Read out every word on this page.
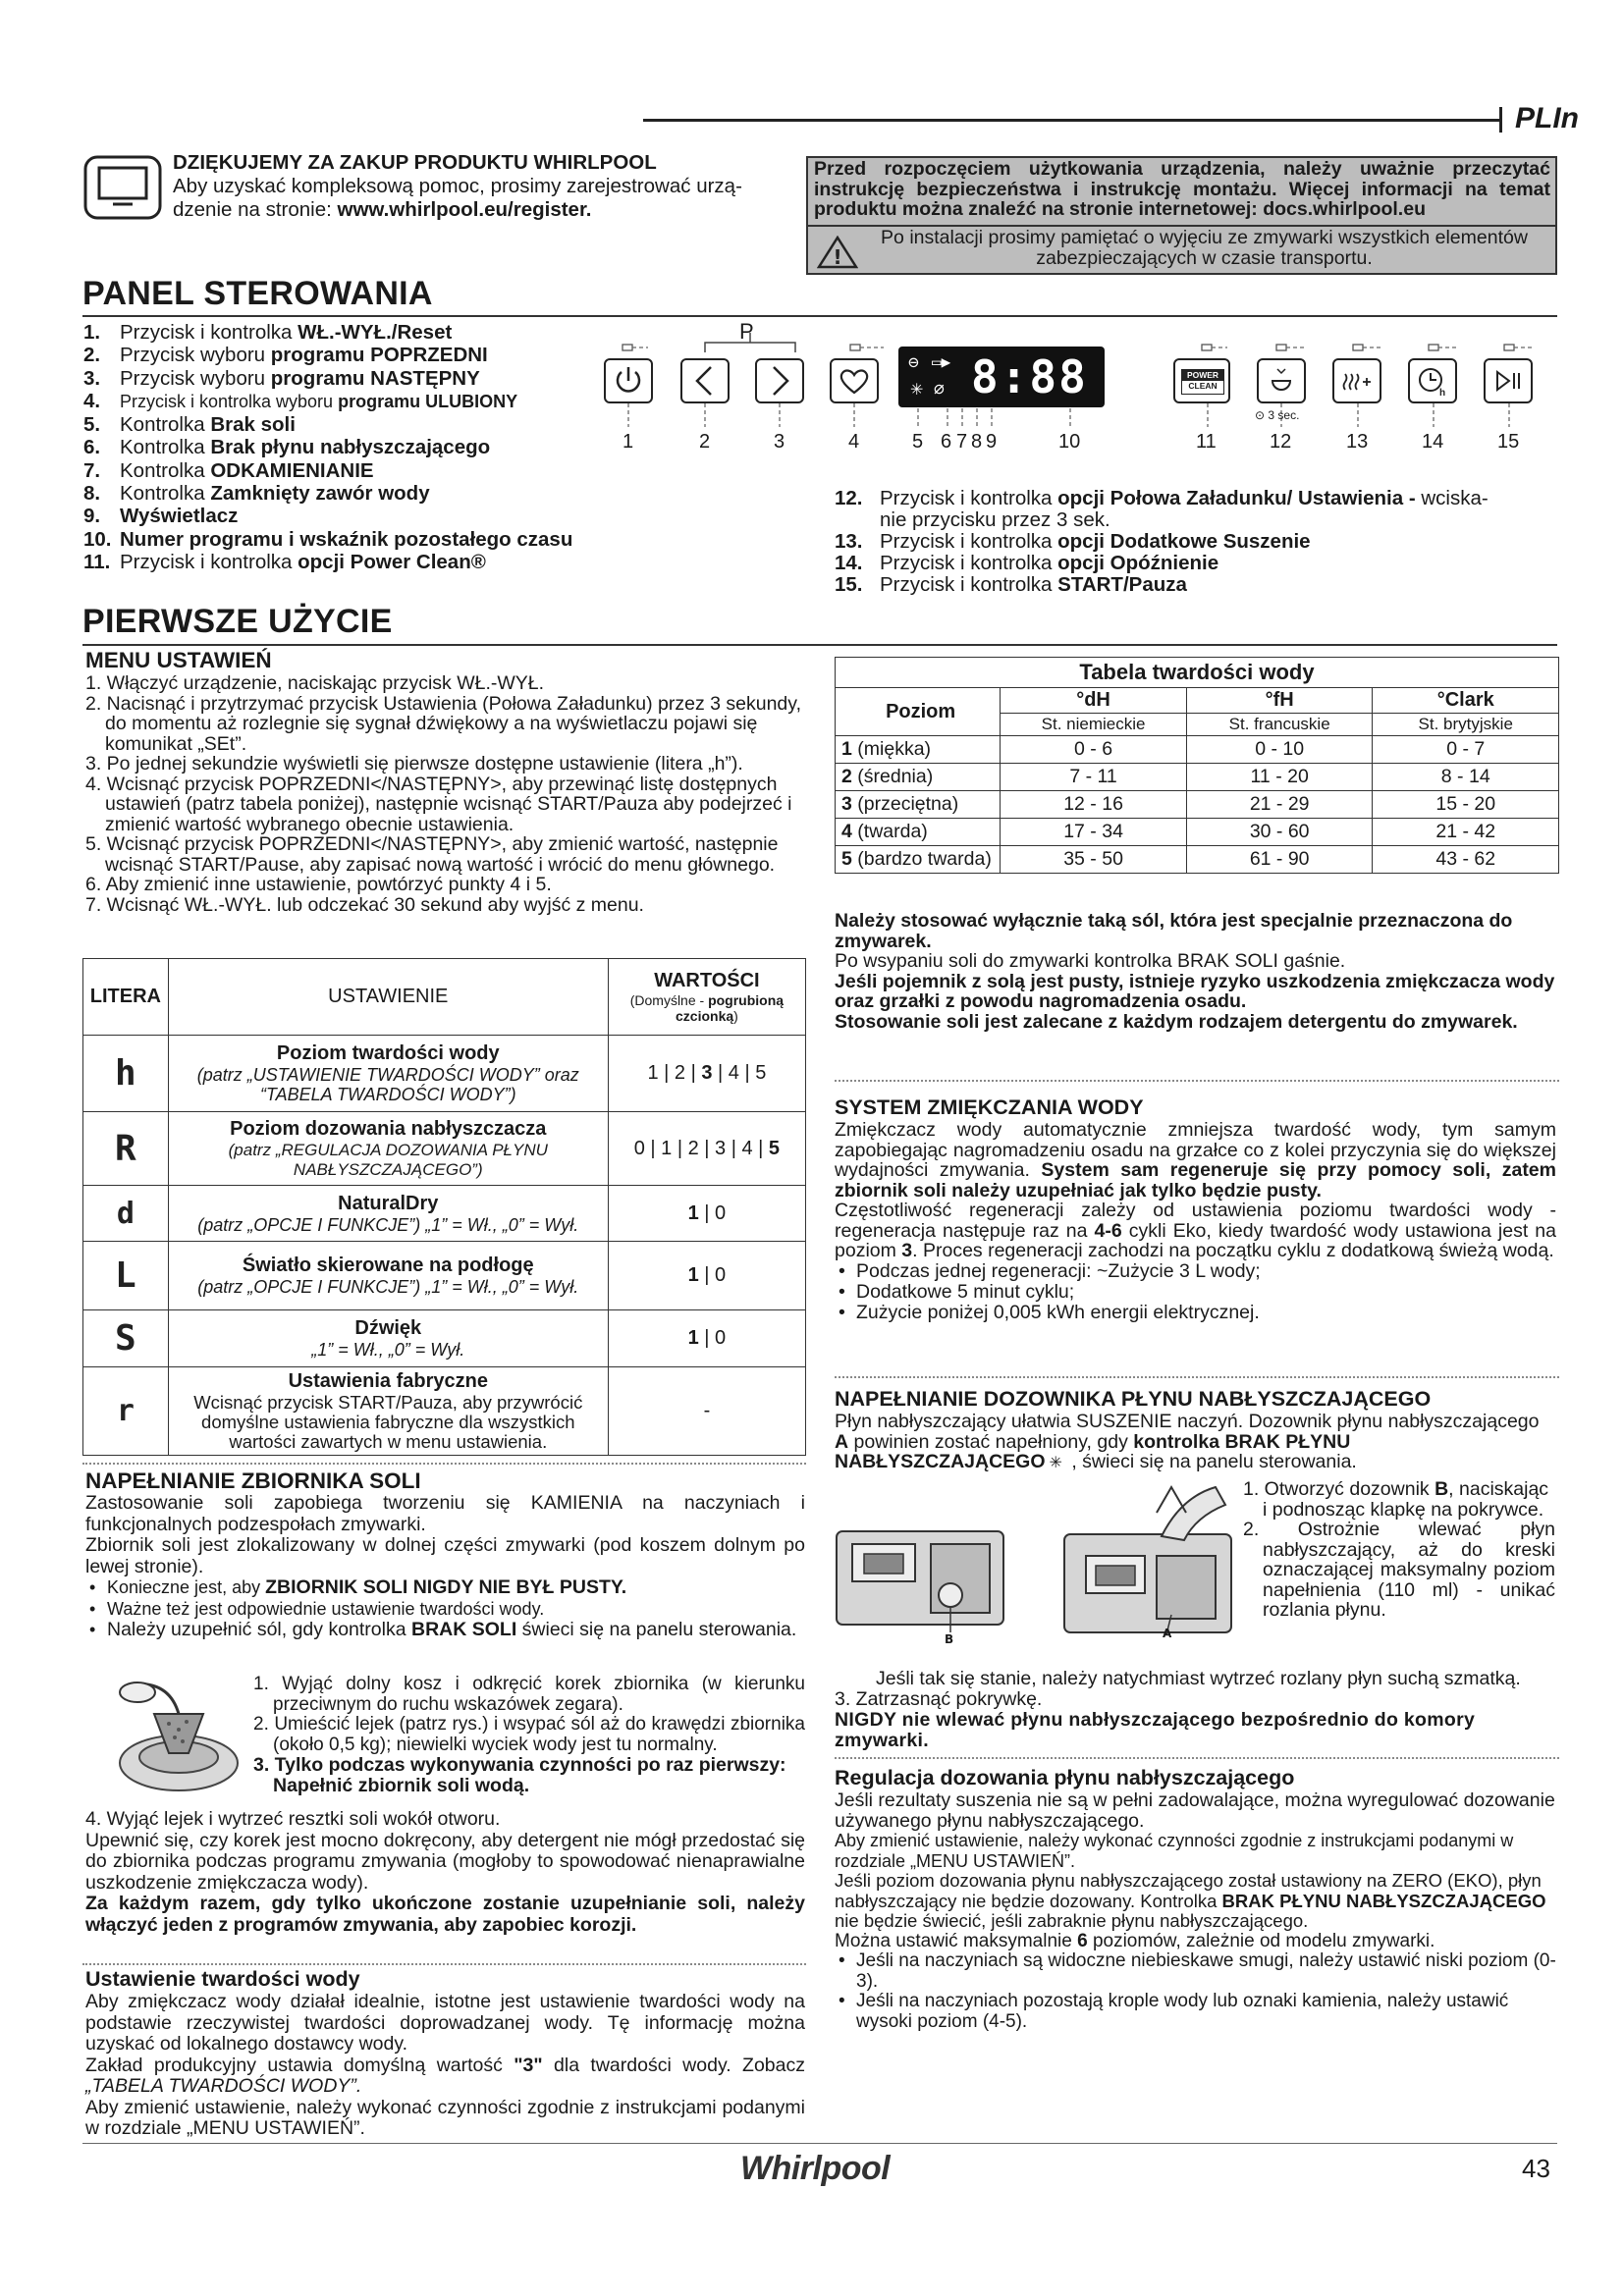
PLIn
DZIĘKUJEMY ZA ZAKUP PRODUKTU WHIRLPOOL
Aby uzyskać kompleksową pomoc, prosimy zarejestrować urzą-
dzenie na stronie: www.whirlpool.eu/register.
Przed rozpoczęciem użytkowania urządzenia, należy uważnie przeczytać instrukcję bezpieczeństwa i instrukcję montażu. Więcej informacji na temat produktu można znaleźć na stronie internetowej: docs.whirlpool.eu
!
Po instalacji prosimy pamiętać o wyjęciu ze zmywarki wszystkich elementów zabezpieczających w czasie transportu.
PANEL STEROWANIA
1. Przycisk i kontrolka WŁ.-WYŁ./Reset
2. Przycisk wyboru programu POPRZEDNI
3. Przycisk wyboru programu NASTĘPNY
4. Przycisk i kontrolka wyboru programu ULUBIONY
5. Kontrolka Brak soli
6. Kontrolka Brak płynu nabłyszczającego
7. Kontrolka ODKAMIENIANIE
8. Kontrolka Zamknięty zawór wody
9. Wyświetlacz
10. Numer programu i wskaźnik pozostałego czasu
11. Przycisk i kontrolka opcji Power Clean®
P
⊖ ▭▶
✳ ⌀ 8:88	POWER
CLEAN
⊙ 3 sec.
h
1	2	3	4	5 6 7 8 9	10	11	12	13	14	15
12. Przycisk i kontrolka opcji Połowa Załadunku/ Ustawienia - wciska-
nie przycisku przez 3 sek.
13. Przycisk i kontrolka opcji Dodatkowe Suszenie
14. Przycisk i kontrolka opcji Opóźnienie
15. Przycisk i kontrolka START/Pauza
PIERWSZE UŻYCIE
MENU USTAWIEŃ
1. Włączyć urządzenie, naciskając przycisk WŁ.-WYŁ.
2. Nacisnąć i przytrzymać przycisk Ustawienia (Połowa Załadunku) przez 3 sekundy, do momentu aż rozlegnie się sygnał dźwiękowy a na wyświetlaczu pojawi się komunikat „SEt”.
3. Po jednej sekundzie wyświetli się pierwsze dostępne ustawienie (litera „h”).
4. Wcisnąć przycisk POPRZEDNI</NASTĘPNY>, aby przewinąć listę dostępnych ustawień (patrz tabela poniżej), następnie wcisnąć START/Pauza aby podejrzeć i zmienić wartość wybranego obecnie ustawienia.
5. Wcisnąć przycisk POPRZEDNI</NASTĘPNY>, aby zmienić wartość, następnie wcisnąć START/Pause, aby zapisać nową wartość i wrócić do menu głównego.
6. Aby zmienić inne ustawienie, powtórzyć punkty 4 i 5.
7. Wcisnąć WŁ.-WYŁ. lub odczekać 30 sekund aby wyjść z menu.
LITERA	USTAWIENIE	WARTOŚCI
(Domyślne - pogrubioną czcionką)

h	Poziom twardości wody
(patrz „USTAWIENIE TWARDOŚCI WODY” oraz “TABELA TWARDOŚCI WODY”)	1 | 2 | 3 | 4 | 5
R	Poziom dozowania nabłyszczacza
(patrz „REGULACJA DOZOWANIA PŁYNU NABŁYSZCZAJĄCEGO”)	0 | 1 | 2 | 3 | 4 | 5
d	NaturalDry
(patrz „OPCJE I FUNKCJE”) „1” = Wł., „0” = Wył.	1 | 0
L	Światło skierowane na podłogę
(patrz „OPCJE I FUNKCJE”) „1” = Wł., „0” = Wył.	1 | 0
S	Dźwięk
„1” = Wł., „0” = Wył.	1 | 0
r	Ustawienia fabryczne
Wcisnąć przycisk START/Pauza, aby przywrócić domyślne ustawienia fabryczne dla wszystkich wartości zawartych w menu ustawienia.	-
NAPEŁNIANIE ZBIORNIKA SOLI
Zastosowanie soli zapobiega tworzeniu się KAMIENIA na naczyniach i funkcjonalnych podzespołach zmywarki.
Zbiornik soli jest zlokalizowany w dolnej części zmywarki (pod koszem dolnym po lewej stronie).
• Konieczne jest, aby ZBIORNIK SOLI NIGDY NIE BYŁ PUSTY.
• Ważne też jest odpowiednie ustawienie twardości wody.
• Należy uzupełnić sól, gdy kontrolka BRAK SOLI świeci się na panelu sterowania.
1. Wyjąć dolny kosz i odkręcić korek zbiornika (w kierunku przeciwnym do ruchu wskazówek zegara).
2. Umieścić lejek (patrz rys.) i wsypać sól aż do krawędzi zbiornika (około 0,5 kg); niewielki wyciek wody jest tu normalny.
3. Tylko podczas wykonywania czynności po raz pierwszy: Napełnić zbiornik soli wodą.
4. Wyjąć lejek i wytrzeć resztki soli wokół otworu.
Upewnić się, czy korek jest mocno dokręcony, aby detergent nie mógł przedostać się do zbiornika podczas programu zmywania (mogłoby to spowodować nienaprawialne uszkodzenie zmiękczacza wody).
Za każdym razem, gdy tylko ukończone zostanie uzupełnianie soli, należy włączyć jeden z programów zmywania, aby zapobiec korozji.
Ustawienie twardości wody
Aby zmiękczacz wody działał idealnie, istotne jest ustawienie twardości wody na podstawie rzeczywistej twardości doprowadzanej wody. Tę informację można uzyskać od lokalnego dostawcy wody.
Zakład produkcyjny ustawia domyślną wartość "3" dla twardości wody. Zobacz „TABELA TWARDOŚCI WODY”.
Aby zmienić ustawienie, należy wykonać czynności zgodnie z instrukcjami podanymi w rozdziale „MENU USTAWIEŃ”.
Tabela twardości wody			
Poziom	°dH	°fH	°Clark
	St. niemieckie	St. francuskie	St. brytyjskie
1 (miękka)	0 - 6	0 - 10	0 - 7
2 (średnia)	7 - 11	11 - 20	8 - 14
3 (przeciętna)	12 - 16	21 - 29	15 - 20
4 (twarda)	17 - 34	30 - 60	21 - 42
5 (bardzo twarda)	35 - 50	61 - 90	43 - 62
Należy stosować wyłącznie taką sól, która jest specjalnie przeznaczona do zmywarek.
Po wsypaniu soli do zmywarki kontrolka BRAK SOLI gaśnie.
Jeśli pojemnik z solą jest pusty, istnieje ryzyko uszkodzenia zmiękczacza wody oraz grzałki z powodu nagromadzenia osadu.
Stosowanie soli jest zalecane z każdym rodzajem detergentu do zmywarek.
SYSTEM ZMIĘKCZANIA WODY
Zmiękczacz wody automatycznie zmniejsza twardość wody, tym samym zapobiegając nagromadzeniu osadu na grzałce co z kolei przyczynia się do większej wydajności zmywania. System sam regeneruje się przy pomocy soli, zatem zbiornik soli należy uzupełniać jak tylko będzie pusty.
Częstotliwość regeneracji zależy od ustawienia poziomu twardości wody - regeneracja następuje raz na 4-6 cykli Eko, kiedy twardość wody ustawiona jest na poziom 3. Proces regeneracji zachodzi na początku cyklu z dodatkową świeżą wodą.
• Podczas jednej regeneracji: ~Zużycie 3 L wody;
• Dodatkowe 5 minut cyklu;
• Zużycie poniżej 0,005 kWh energii elektrycznej.
NAPEŁNIANIE DOZOWNIKA PŁYNU NABŁYSZCZAJĄCEGO
Płyn nabłyszczający ułatwia SUSZENIE naczyń. Dozownik płynu nabłyszczającego A powinien zostać napełniony, gdy kontrolka BRAK PŁYNU NABŁYSZCZAJĄCEGO ✳ , świeci się na panelu sterowania.
B	A
1. Otworzyć dozownik B, naciskając i podnosząc klapkę na pokrywce.
2. Ostrożnie wlewać płyn nabłyszczający, aż do kreski oznaczającej maksymalny poziom napełnienia (110 ml) - unikać rozlania płynu.
Jeśli tak się stanie, należy natychmiast wytrzeć rozlany płyn suchą szmatką.
3. Zatrzasnąć pokrywkę.
NIGDY nie wlewać płynu nabłyszczającego bezpośrednio do komory zmywarki.
Regulacja dozowania płynu nabłyszczającego
Jeśli rezultaty suszenia nie są w pełni zadowalające, można wyregulować dozowanie używanego płynu nabłyszczającego.
Aby zmienić ustawienie, należy wykonać czynności zgodnie z instrukcjami podanymi w rozdziale „MENU USTAWIEŃ”.
Jeśli poziom dozowania płynu nabłyszczającego został ustawiony na ZERO (EKO), płyn nabłyszczający nie będzie dozowany. Kontrolka BRAK PŁYNU NABŁYSZCZAJĄCEGO nie będzie świecić, jeśli zabraknie płynu nabłyszczającego.
Można ustawić maksymalnie 6 poziomów, zależnie od modelu zmywarki.
• Jeśli na naczyniach są widoczne niebieskawe smugi, należy ustawić niski poziom (0-3).
• Jeśli na naczyniach pozostają krople wody lub oznaki kamienia, należy ustawić wysoki poziom (4-5).
Whirlpool	43
